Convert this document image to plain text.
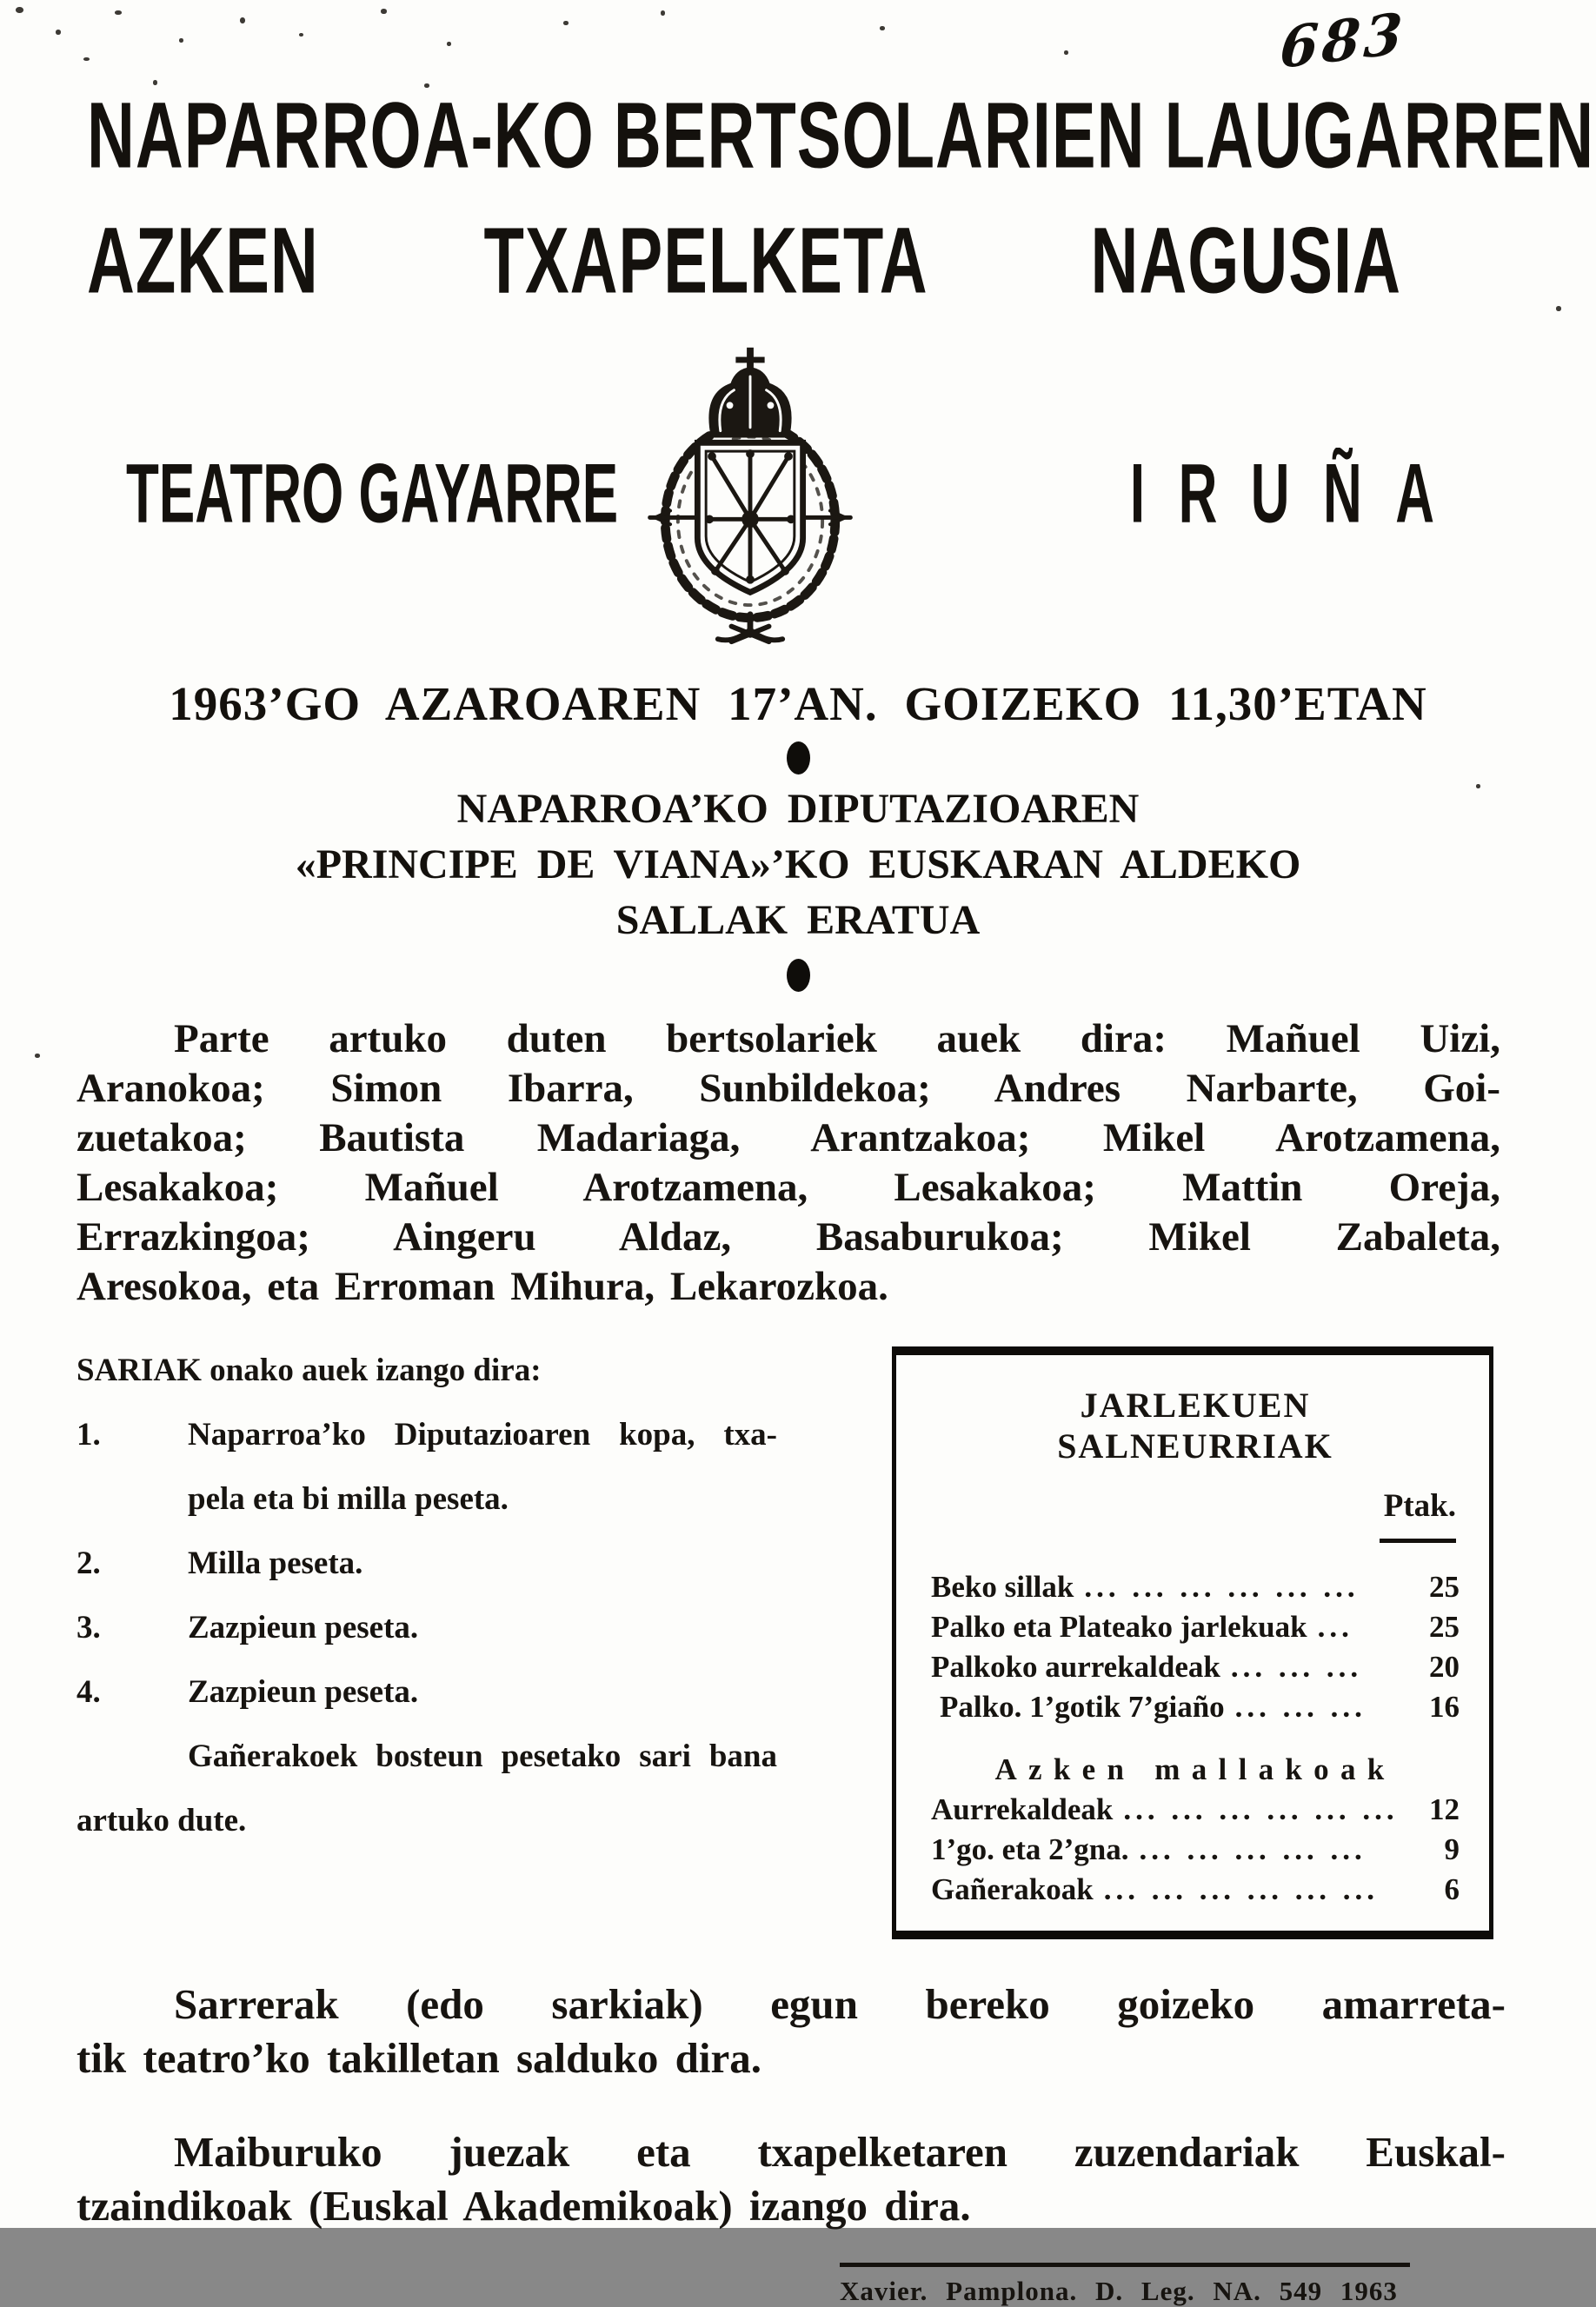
683
NAPARROA-KO BERTSOLARIEN LAUGARREN
AZKEN TXAPELKETA NAGUSIA
TEATRO GAYARRE	IRUÑA
1963’GO AZAROAREN 17’AN. GOIZEKO 11,30’ETAN
NAPARROA’KO DIPUTAZIOAREN
«PRINCIPE DE VIANA»’KO EUSKARAN ALDEKO
SALLAK ERATUA
Parte artuko duten bertsolariek auek dira: Mañuel Uizi,
Aranokoa; Simon Ibarra, Sunbildekoa; Andres Narbarte, Goi-
zuetakoa; Bautista Madariaga, Arantzakoa; Mikel Arotzamena,
Lesakakoa; Mañuel Arotzamena, Lesakakoa; Mattin Oreja,
Errazkingoa; Aingeru Aldaz, Basaburukoa; Mikel Zabaleta,
Aresokoa, eta Erroman Mihura, Lekarozkoa.
SARIAK onako auek izango dira:
1.	Naparroa’ko Diputazioaren kopa, txa-
pela eta bi milla peseta.
2.	Milla peseta.
3.	Zazpieun peseta.
4.	Zazpieun peseta.
Gañerakoek bosteun pesetako sari bana
artuko dute.
JARLEKUEN SALNEURRIAK
Ptak.
Beko sillak ... ... ... ... ... ...	25
Palko eta Plateako jarlekuak ...	25
Palkoko aurrekaldeak ... ... ...	20
Palko. 1’gotik 7’giaño ... ... ...	16
Azken mallakoak
Aurrekaldeak ... ... ... ... ... ...	12
1’go. eta 2’gna. ... ... ... ... ...	9
Gañerakoak ... ... ... ... ... ...	6
Sarrerak (edo sarkiak) egun bereko goizeko amarreta-
tik teatro’ko takilletan salduko dira.
Maiburuko juezak eta txapelketaren zuzendariak Euskal-
tzaindikoak (Euskal Akademikoak) izango dira.
Xavier. Pamplona. D. Leg. NA. 549 1963
